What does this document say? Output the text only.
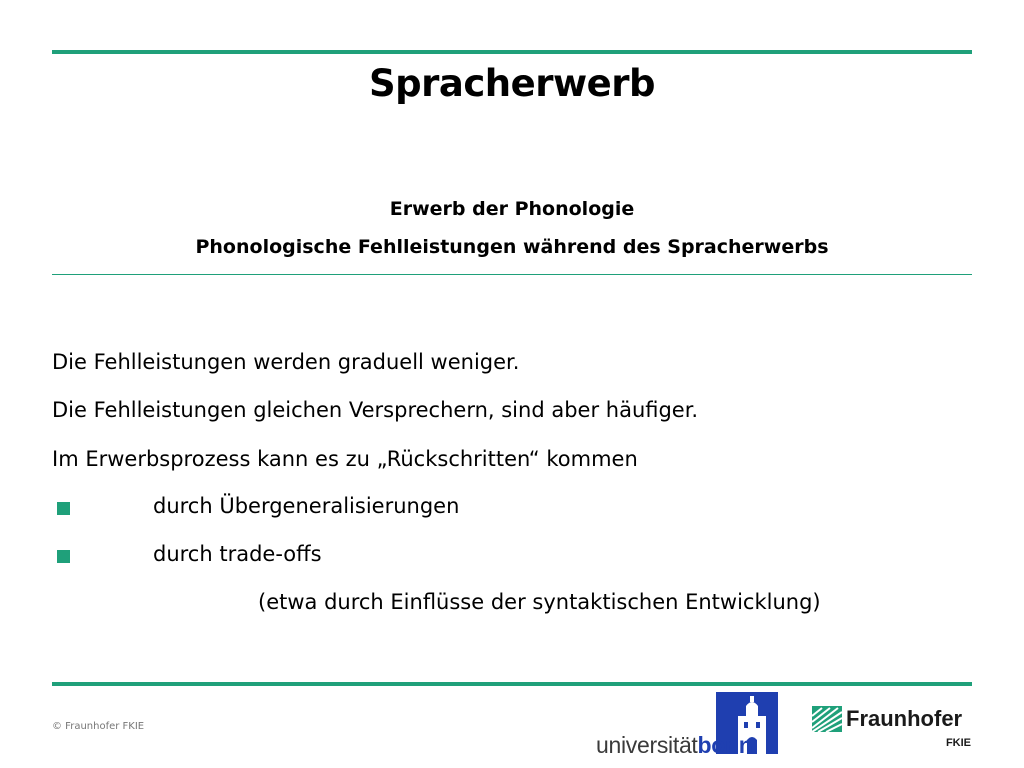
Spracherwerb
Erwerb der Phonologie
Phonologische Fehlleistungen während des Spracherwerbs
Die Fehlleistungen werden graduell weniger.
Die Fehlleistungen gleichen Versprechern, sind aber häufiger.
Im Erwerbsprozess kann es zu „Rückschritten“ kommen
durch Übergeneralisierungen
durch trade-offs
(etwa durch Einflüsse der syntaktischen Entwicklung)
© Fraunhofer FKIE
universitätbonn
Fraunhofer
FKIE
